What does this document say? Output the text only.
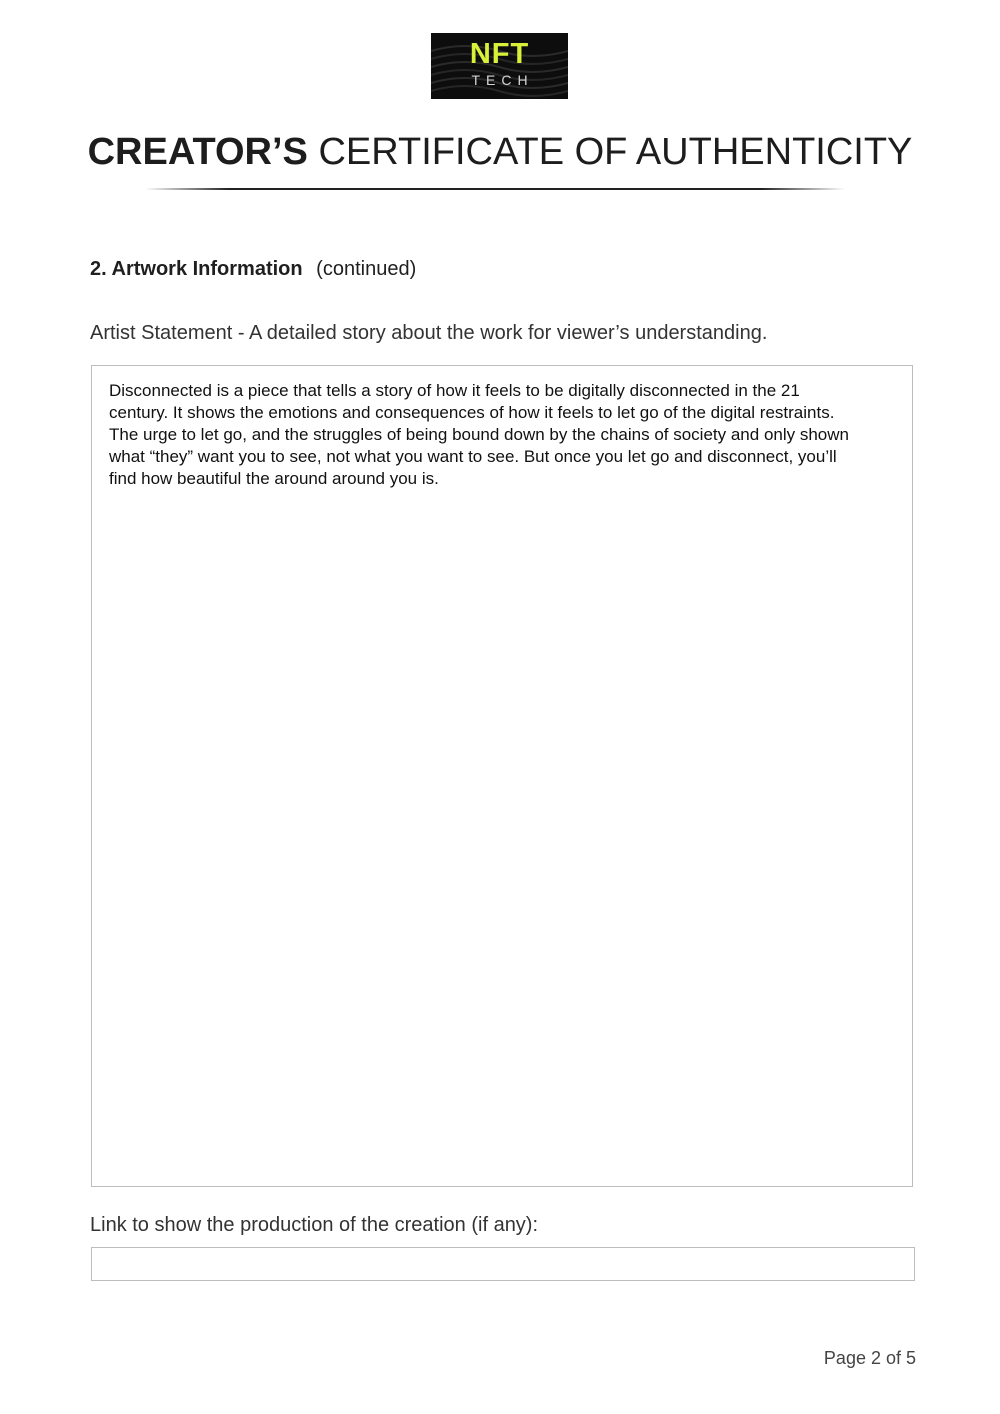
NFT
TECH
CREATOR’S CERTIFICATE OF AUTHENTICITY
2. Artwork Information (continued)
Artist Statement - A detailed story about the work for viewer’s understanding.

Disconnected is a piece that tells a story of how it feels to be digitally disconnected in the 21 century. It shows the emotions and consequences of how it feels to let go of the digital restraints. The urge to let go, and the struggles of being bound down by the chains of society and only shown what “they” want you to see, not what you want to see. But once you let go and disconnect, you’ll find how beautiful the around around you is.

Link to show the production of the creation (if any):
Page 2 of 5
